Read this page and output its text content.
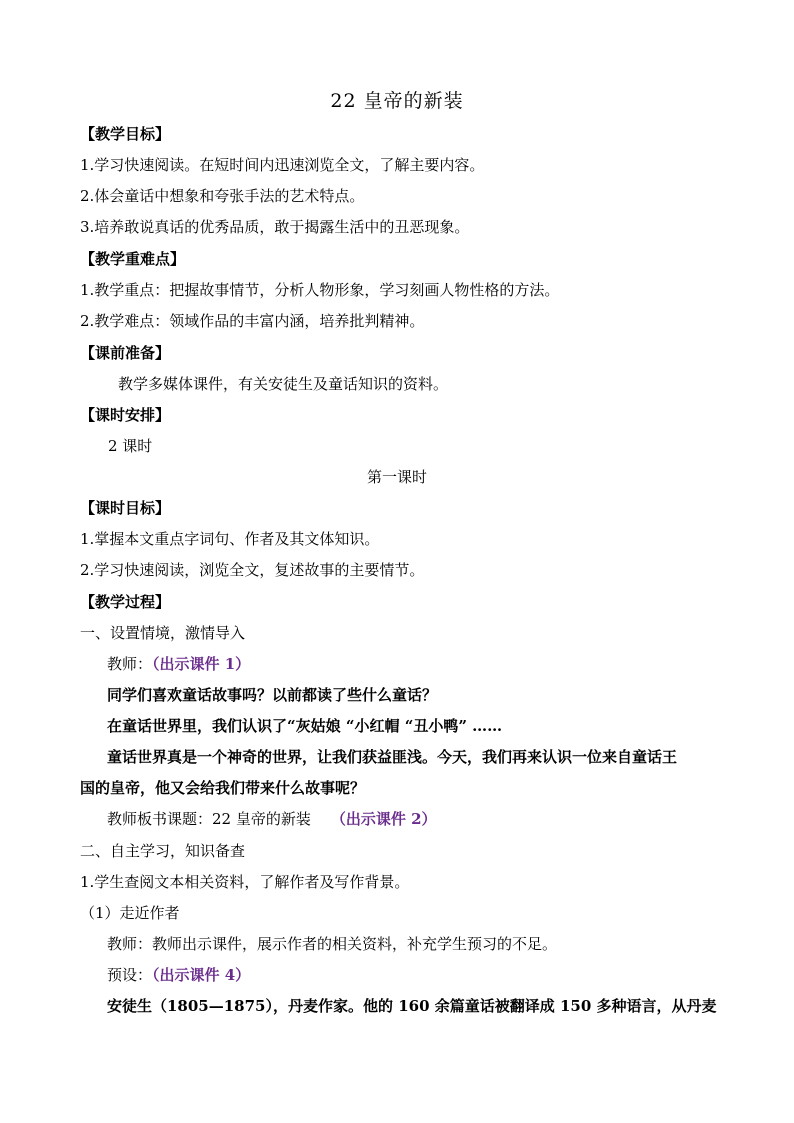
22 皇帝的新装
【教学目标】
1.学习快速阅读。在短时间内迅速浏览全文，了解主要内容。
2.体会童话中想象和夸张手法的艺术特点。
3.培养敢说真话的优秀品质，敢于揭露生活中的丑恶现象。
【教学重难点】
1.教学重点：把握故事情节，分析人物形象，学习刻画人物性格的方法。
2.教学难点：领域作品的丰富内涵，培养批判精神。
【课前准备】
教学多媒体课件，有关安徒生及童话知识的资料。
【课时安排】
2 课时
第一课时
【课时目标】
1.掌握本文重点字词句、作者及其文体知识。
2.学习快速阅读，浏览全文，复述故事的主要情节。
【教学过程】
一、设置情境，激情导入
教师：（出示课件 1）
同学们喜欢童话故事吗？以前都读了些什么童话？
在童话世界里，我们认识了“灰姑娘 “小红帽 “丑小鸭” ……
童话世界真是一个神奇的世界，让我们获益匪浅。今天，我们再来认识一位来自童话王
国的皇帝，他又会给我们带来什么故事呢？
教师板书课题：22 皇帝的新装 （出示课件 2）
二、自主学习，知识备查
1.学生查阅文本相关资料，了解作者及写作背景。
（1）走近作者
教师：教师出示课件，展示作者的相关资料，补充学生预习的不足。
预设：（出示课件 4）
安徒生（1805—1875），丹麦作家。他的 160 余篇童话被翻译成 150 多种语言，从丹麦
